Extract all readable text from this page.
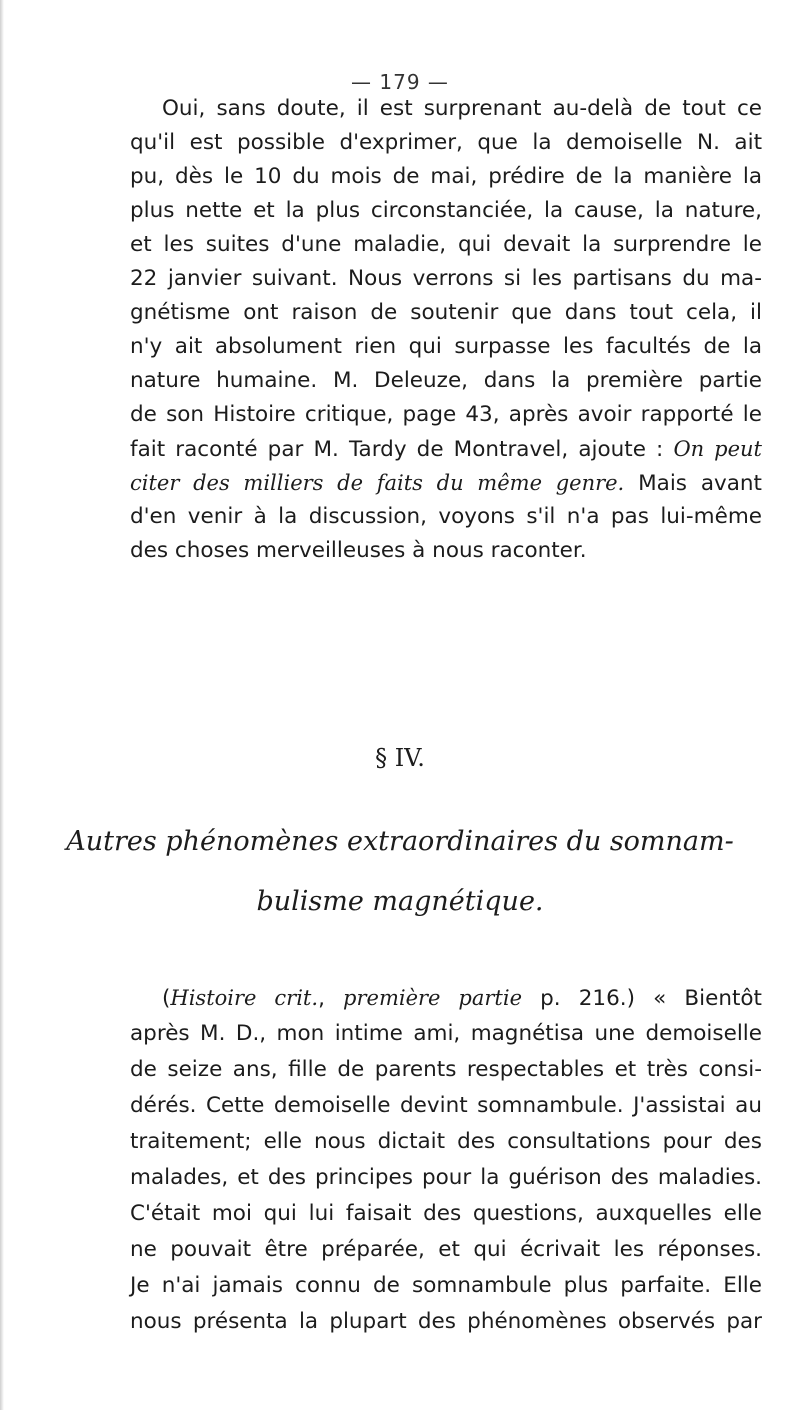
— 179 —
Oui, sans doute, il est surprenant au-delà de tout ce
qu'il est possible d'exprimer, que la demoiselle N. ait
pu, dès le 10 du mois de mai, prédire de la manière la
plus nette et la plus circonstanciée, la cause, la nature,
et les suites d'une maladie, qui devait la surprendre le
22 janvier suivant. Nous verrons si les partisans du ma-
gnétisme ont raison de soutenir que dans tout cela, il
n'y ait absolument rien qui surpasse les facultés de la
nature humaine. M. Deleuze, dans la première partie
de son Histoire critique, page 43, après avoir rapporté le
fait raconté par M. Tardy de Montravel, ajoute : On peut
citer des milliers de faits du même genre. Mais avant
d'en venir à la discussion, voyons s'il n'a pas lui-même
des choses merveilleuses à nous raconter.
§ IV.
Autres phénomènes extraordinaires du somnam-
bulisme magnétique.
(Histoire crit., première partie p. 216.) « Bientôt
après M. D., mon intime ami, magnétisa une demoiselle
de seize ans, fille de parents respectables et très consi-
dérés. Cette demoiselle devint somnambule. J'assistai au
traitement; elle nous dictait des consultations pour des
malades, et des principes pour la guérison des maladies.
C'était moi qui lui faisait des questions, auxquelles elle
ne pouvait être préparée, et qui écrivait les réponses.
Je n'ai jamais connu de somnambule plus parfaite. Elle
nous présenta la plupart des phénomènes observés par
